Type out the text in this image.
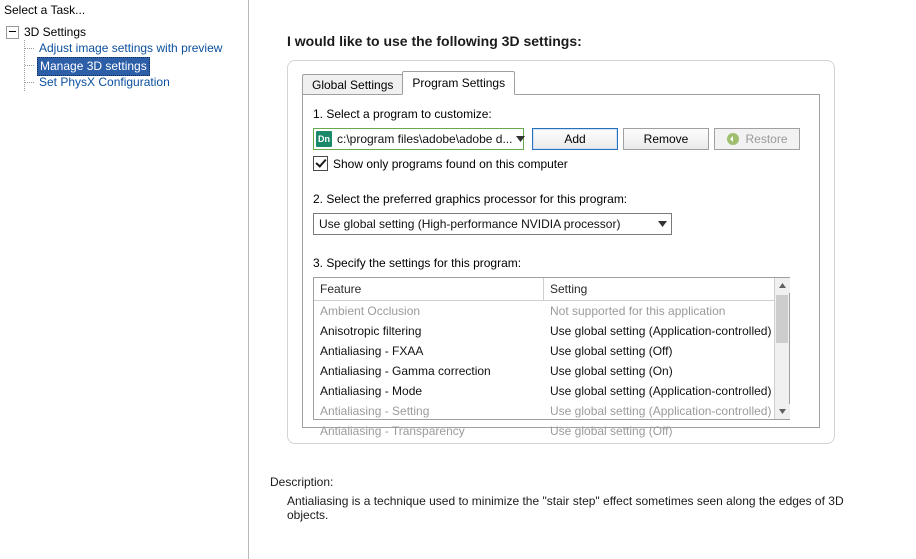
Select a Task...
3D Settings
Adjust image settings with preview
Manage 3D settings
Set PhysX Configuration
I would like to use the following 3D settings:
Global Settings	Program Settings
1. Select a program to customize:
Dn c:\program files\adobe\adobe d...	Add	Remove	Restore
Show only programs found on this computer
2. Select the preferred graphics processor for this program:
Use global setting (High-performance NVIDIA processor)
3. Specify the settings for this program:
Feature	Setting
Ambient Occlusion	Not supported for this application
Anisotropic filtering	Use global setting (Application-controlled)
Antialiasing - FXAA	Use global setting (Off)
Antialiasing - Gamma correction	Use global setting (On)
Antialiasing - Mode	Use global setting (Application-controlled)
Antialiasing - Setting	Use global setting (Application-controlled)
Antialiasing - Transparency	Use global setting (Off)
Description:
Antialiasing is a technique used to minimize the "stair step" effect sometimes seen along the edges of 3D objects.
